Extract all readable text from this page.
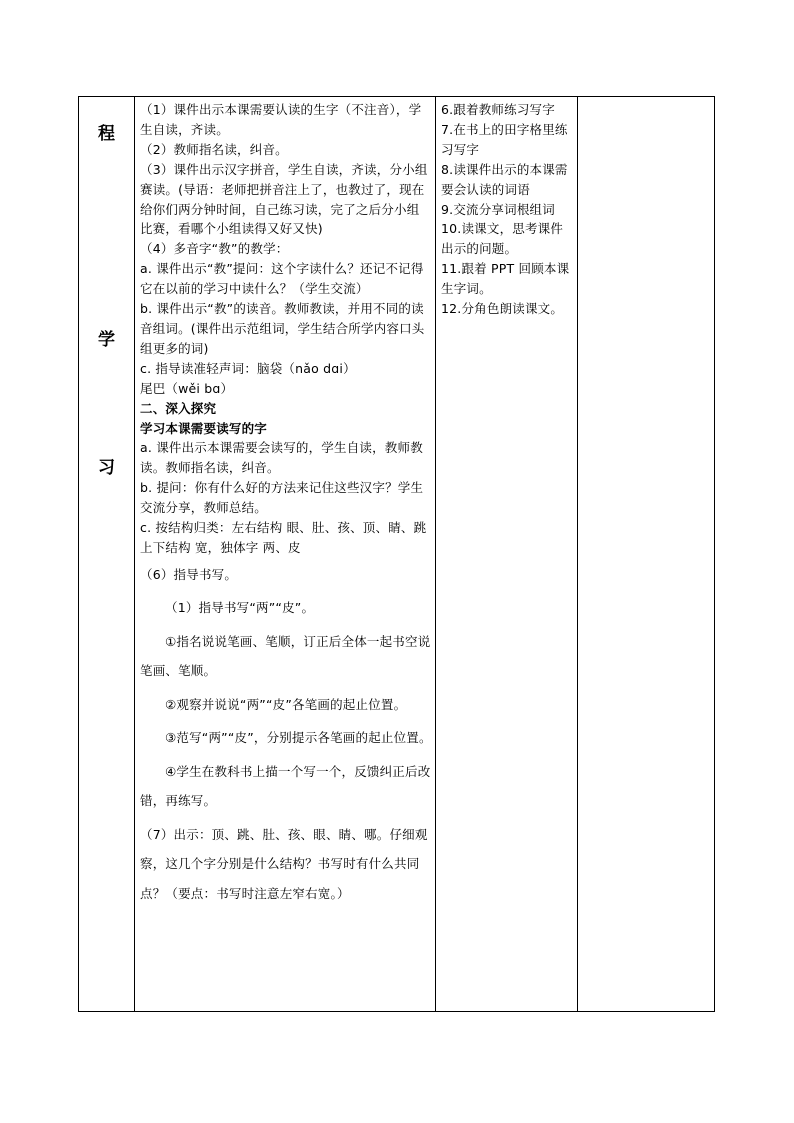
程
学
习

（1）课件出示本课需要认读的生字（不注音），学生自读，齐读。

（2）教师指名读，纠音。

（3）课件出示汉字拼音，学生自读，齐读，分小组赛读。(导语：老师把拼音注上了，也教过了，现在给你们两分钟时间，自己练习读，完了之后分小组比赛，看哪个小组读得又好又快)

（4）多音字“教”的教学：

a. 课件出示“教”提问：这个字读什么？还记不记得它在以前的学习中读什么？（学生交流）

b. 课件出示“教”的读音。教师教读，并用不同的读音组词。(课件出示范组词，学生结合所学内容口头组更多的词)

c. 指导读准轻声词：脑袋（nǎo dɑi）

尾巴（wěi bɑ）

二、深入探究

学习本课需要读写的字

a. 课件出示本课需要会读写的，学生自读，教师教读。教师指名读，纠音。

b. 提问：你有什么好的方法来记住这些汉字？学生交流分享，教师总结。

c. 按结构归类：左右结构 眼、肚、孩、顶、睛、跳上下结构 宽，独体字 两、皮

（6）指导书写。

（1）指导书写“两”“皮”。

①指名说说笔画、笔顺，订正后全体一起书空说笔画、笔顺。

②观察并说说“两”“皮”各笔画的起止位置。

③范写“两”“皮”，分别提示各笔画的起止位置。

④学生在教科书上描一个写一个，反馈纠正后改错，再练写。

（7）出示：顶、跳、肚、孩、眼、睛、哪。仔细观察，这几个字分别是什么结构？书写时有什么共同点？（要点：书写时注意左窄右宽。）

6.跟着教师练习写字

7.在书上的田字格里练习写字

8.读课件出示的本课需要会认读的词语

9.交流分享词根组词

10.读课文，思考课件出示的问题。

11.跟着 PPT 回顾本课生字词。

12.分角色朗读课文。
